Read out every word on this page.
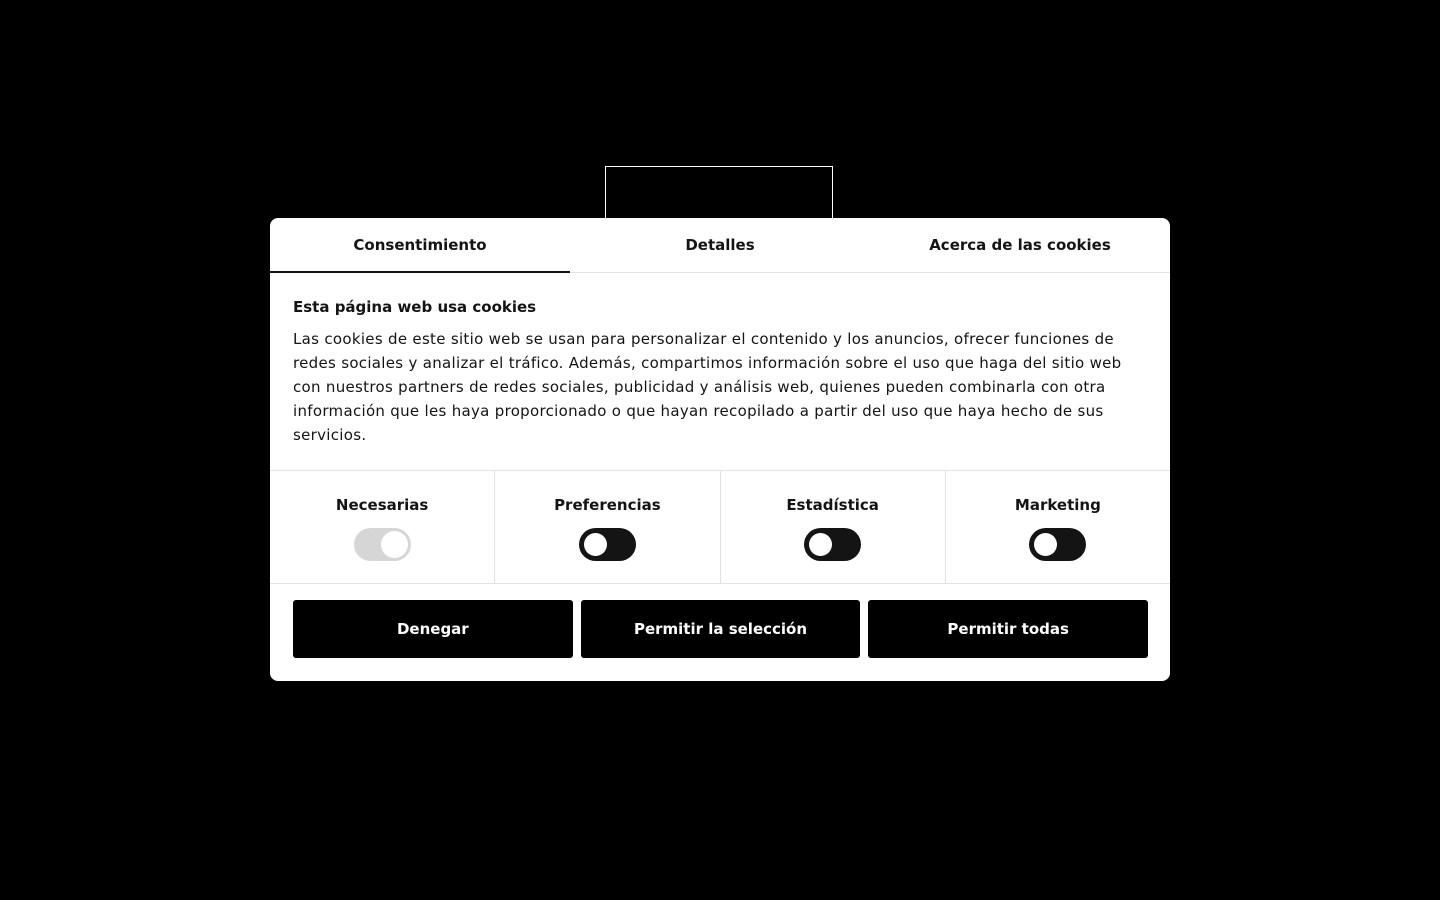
Consentimiento	Detalles	Acerca de las cookies
Esta página web usa cookies

Las cookies de este sitio web se usan para personalizar el contenido y los anuncios, ofrecer funciones de redes sociales y analizar el tráfico. Además, compartimos información sobre el uso que haga del sitio web con nuestros partners de redes sociales, publicidad y análisis web, quienes pueden combinarla con otra información que les haya proporcionado o que hayan recopilado a partir del uso que haya hecho de sus servicios.

Necesarias	Preferencias	Estadística	Marketing
Denegar	Permitir la selección	Permitir todas
